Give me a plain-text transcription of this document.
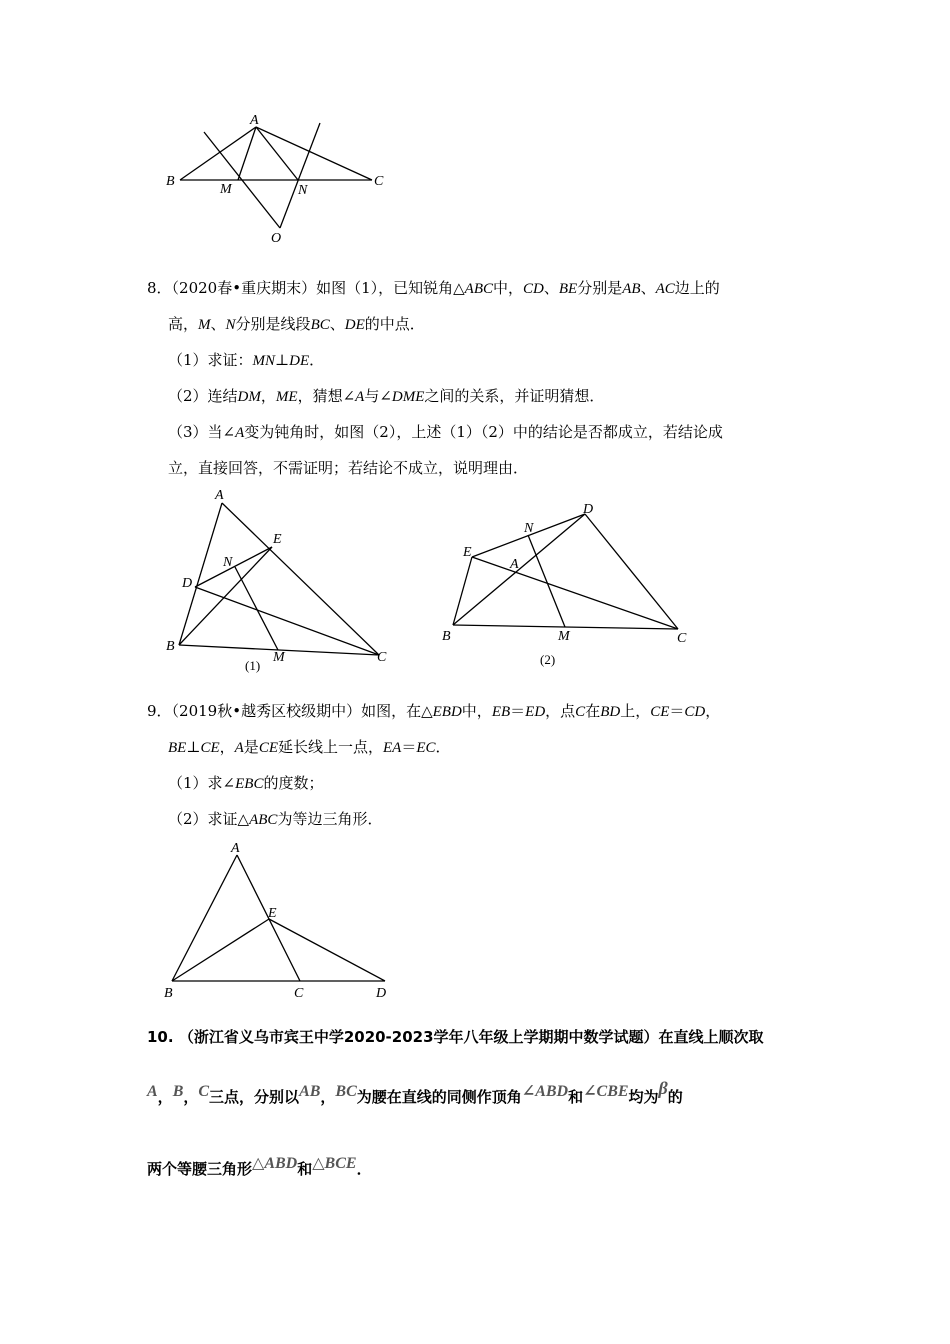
A
B	C
M	N
O
8．（2020春•重庆期末）如图（1），已知锐角△ABC中，CD、BE分别是AB、AC边上的
高，M、N分别是线段BC、DE的中点．
（1）求证：MN⊥DE．
（2）连结DM，ME，猜想∠A与∠DME之间的关系，并证明猜想．
（3）当∠A变为钝角时，如图（2），上述（1）（2）中的结论是否都成立，若结论成
立，直接回答，不需证明；若结论不成立，说明理由．
A
E
N
D
B
M	C
(1)
D
N
E
A
B	M	C
(2)
9．（2019秋•越秀区校级期中）如图，在△EBD中，EB＝ED，点C在BD上，CE＝CD，
BE⊥CE，A是CE延长线上一点，EA＝EC．
（1）求∠EBC的度数；
（2）求证△ABC为等边三角形．
A
E
B	C	D
10. （浙江省义乌市宾王中学2020-2023学年八年级上学期期中数学试题）在直线上顺次取
A，B，C三点，分别以AB，BC为腰在直线的同侧作顶角∠ABD和∠CBE均为β的
两个等腰三角形△ABD和△BCE．
